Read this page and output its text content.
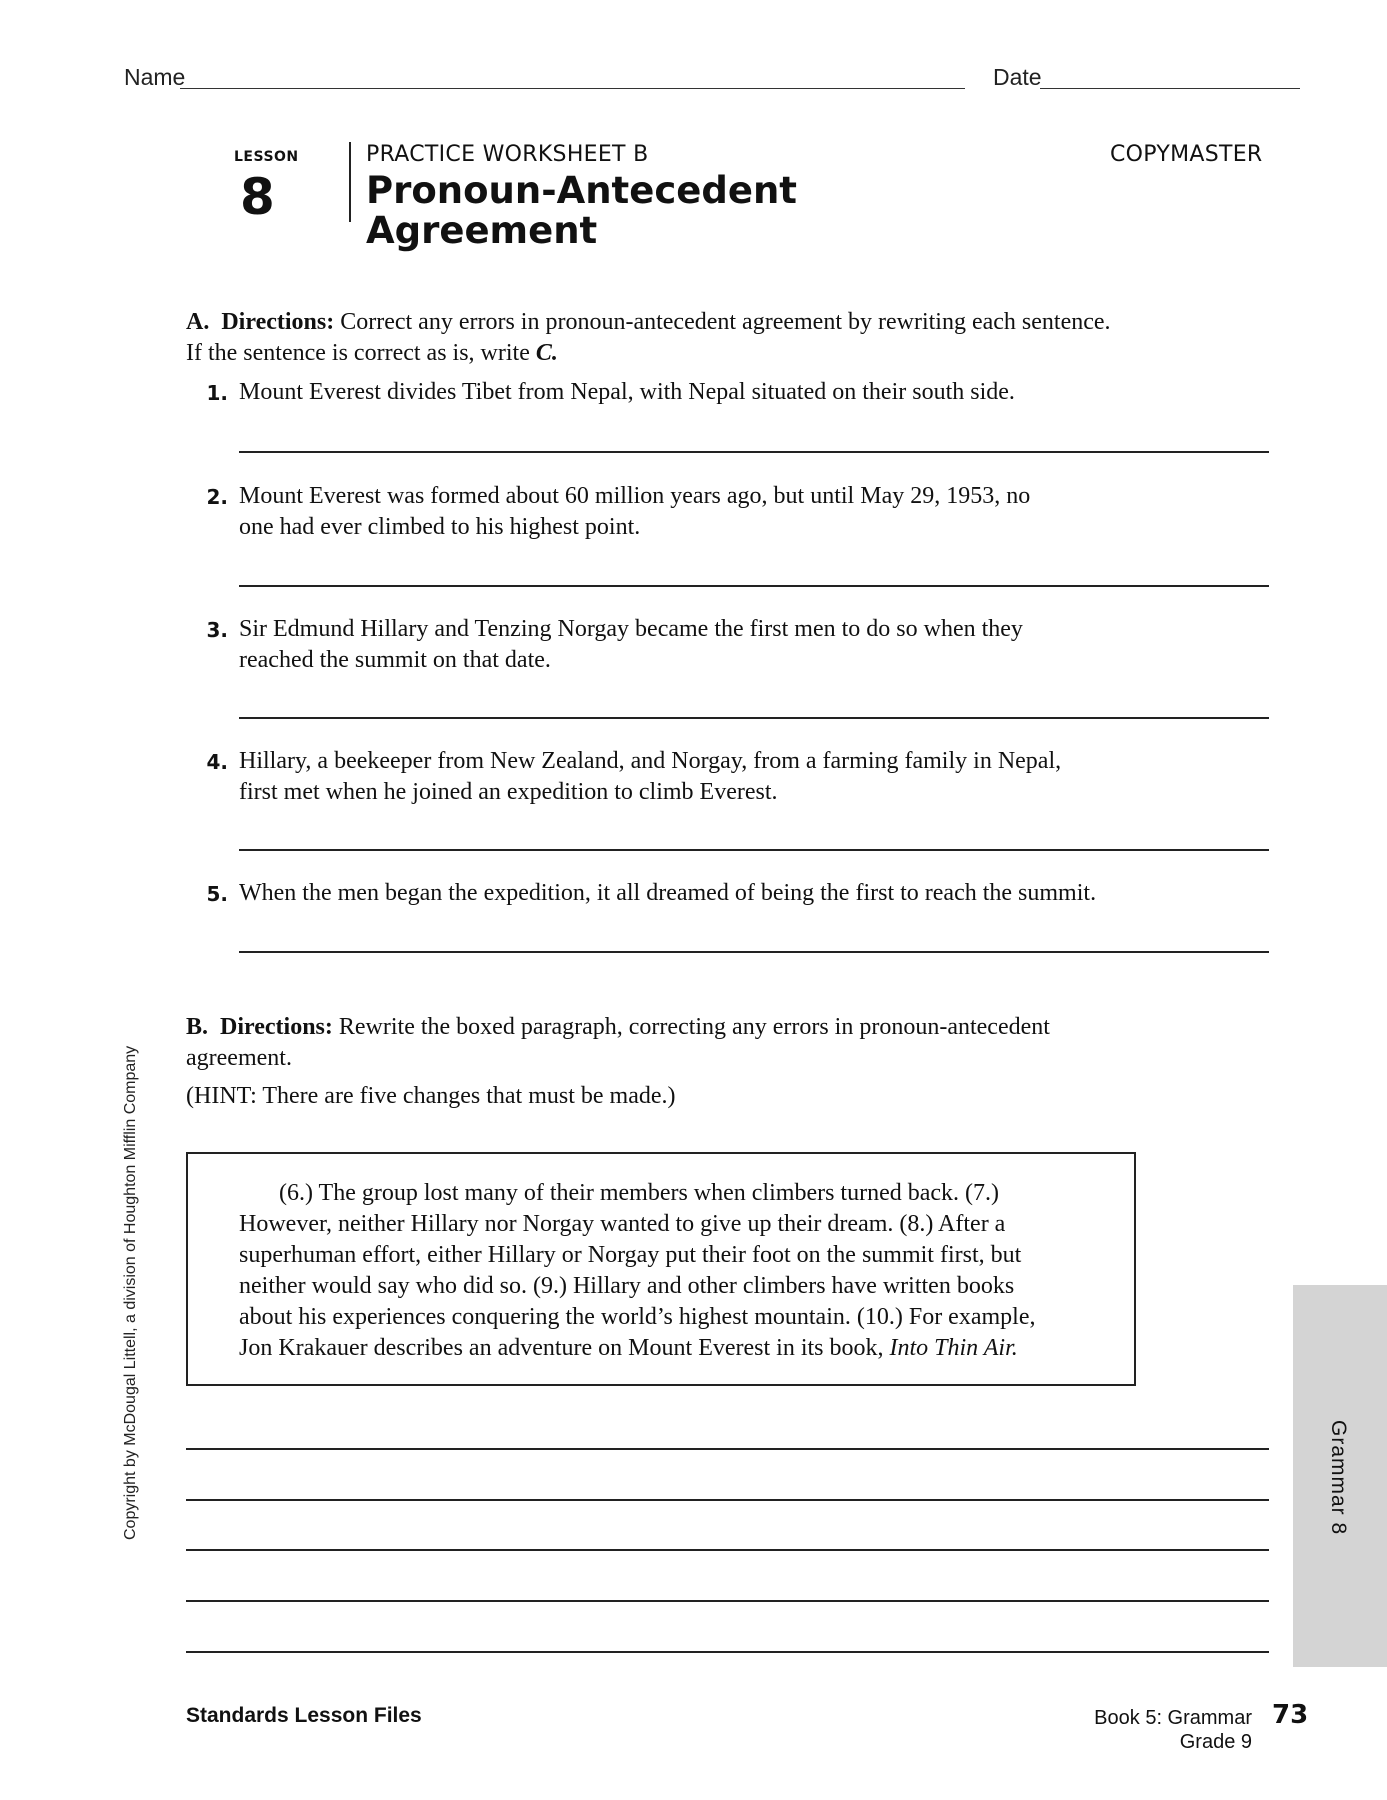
Name	Date
LESSON
8
PRACTICE WORKSHEET B
Pronoun-Antecedent
Agreement
COPYMASTER
A. Directions: Correct any errors in pronoun-antecedent agreement by rewriting each sentence. If the sentence is correct as is, write C.
1. Mount Everest divides Tibet from Nepal, with Nepal situated on their south side.
2. Mount Everest was formed about 60 million years ago, but until May 29, 1953, no
one had ever climbed to his highest point.
3. Sir Edmund Hillary and Tenzing Norgay became the first men to do so when they
reached the summit on that date.
4. Hillary, a beekeeper from New Zealand, and Norgay, from a farming family in Nepal,
first met when he joined an expedition to climb Everest.
5. When the men began the expedition, it all dreamed of being the first to reach the summit.
B. Directions: Rewrite the boxed paragraph, correcting any errors in pronoun-antecedent agreement.
(HINT: There are five changes that must be made.)
(6.) The group lost many of their members when climbers turned back. (7.)
However, neither Hillary nor Norgay wanted to give up their dream. (8.) After a
superhuman effort, either Hillary or Norgay put their foot on the summit first, but
neither would say who did so. (9.) Hillary and other climbers have written books
about his experiences conquering the world’s highest mountain. (10.) For example,
Jon Krakauer describes an adventure on Mount Everest in its book, Into Thin Air.
Grammar 8
Copyright by McDougal Littell, a division of Houghton Mifflin Company
Standards Lesson Files	Book 5: Grammar
Grade 9
73
